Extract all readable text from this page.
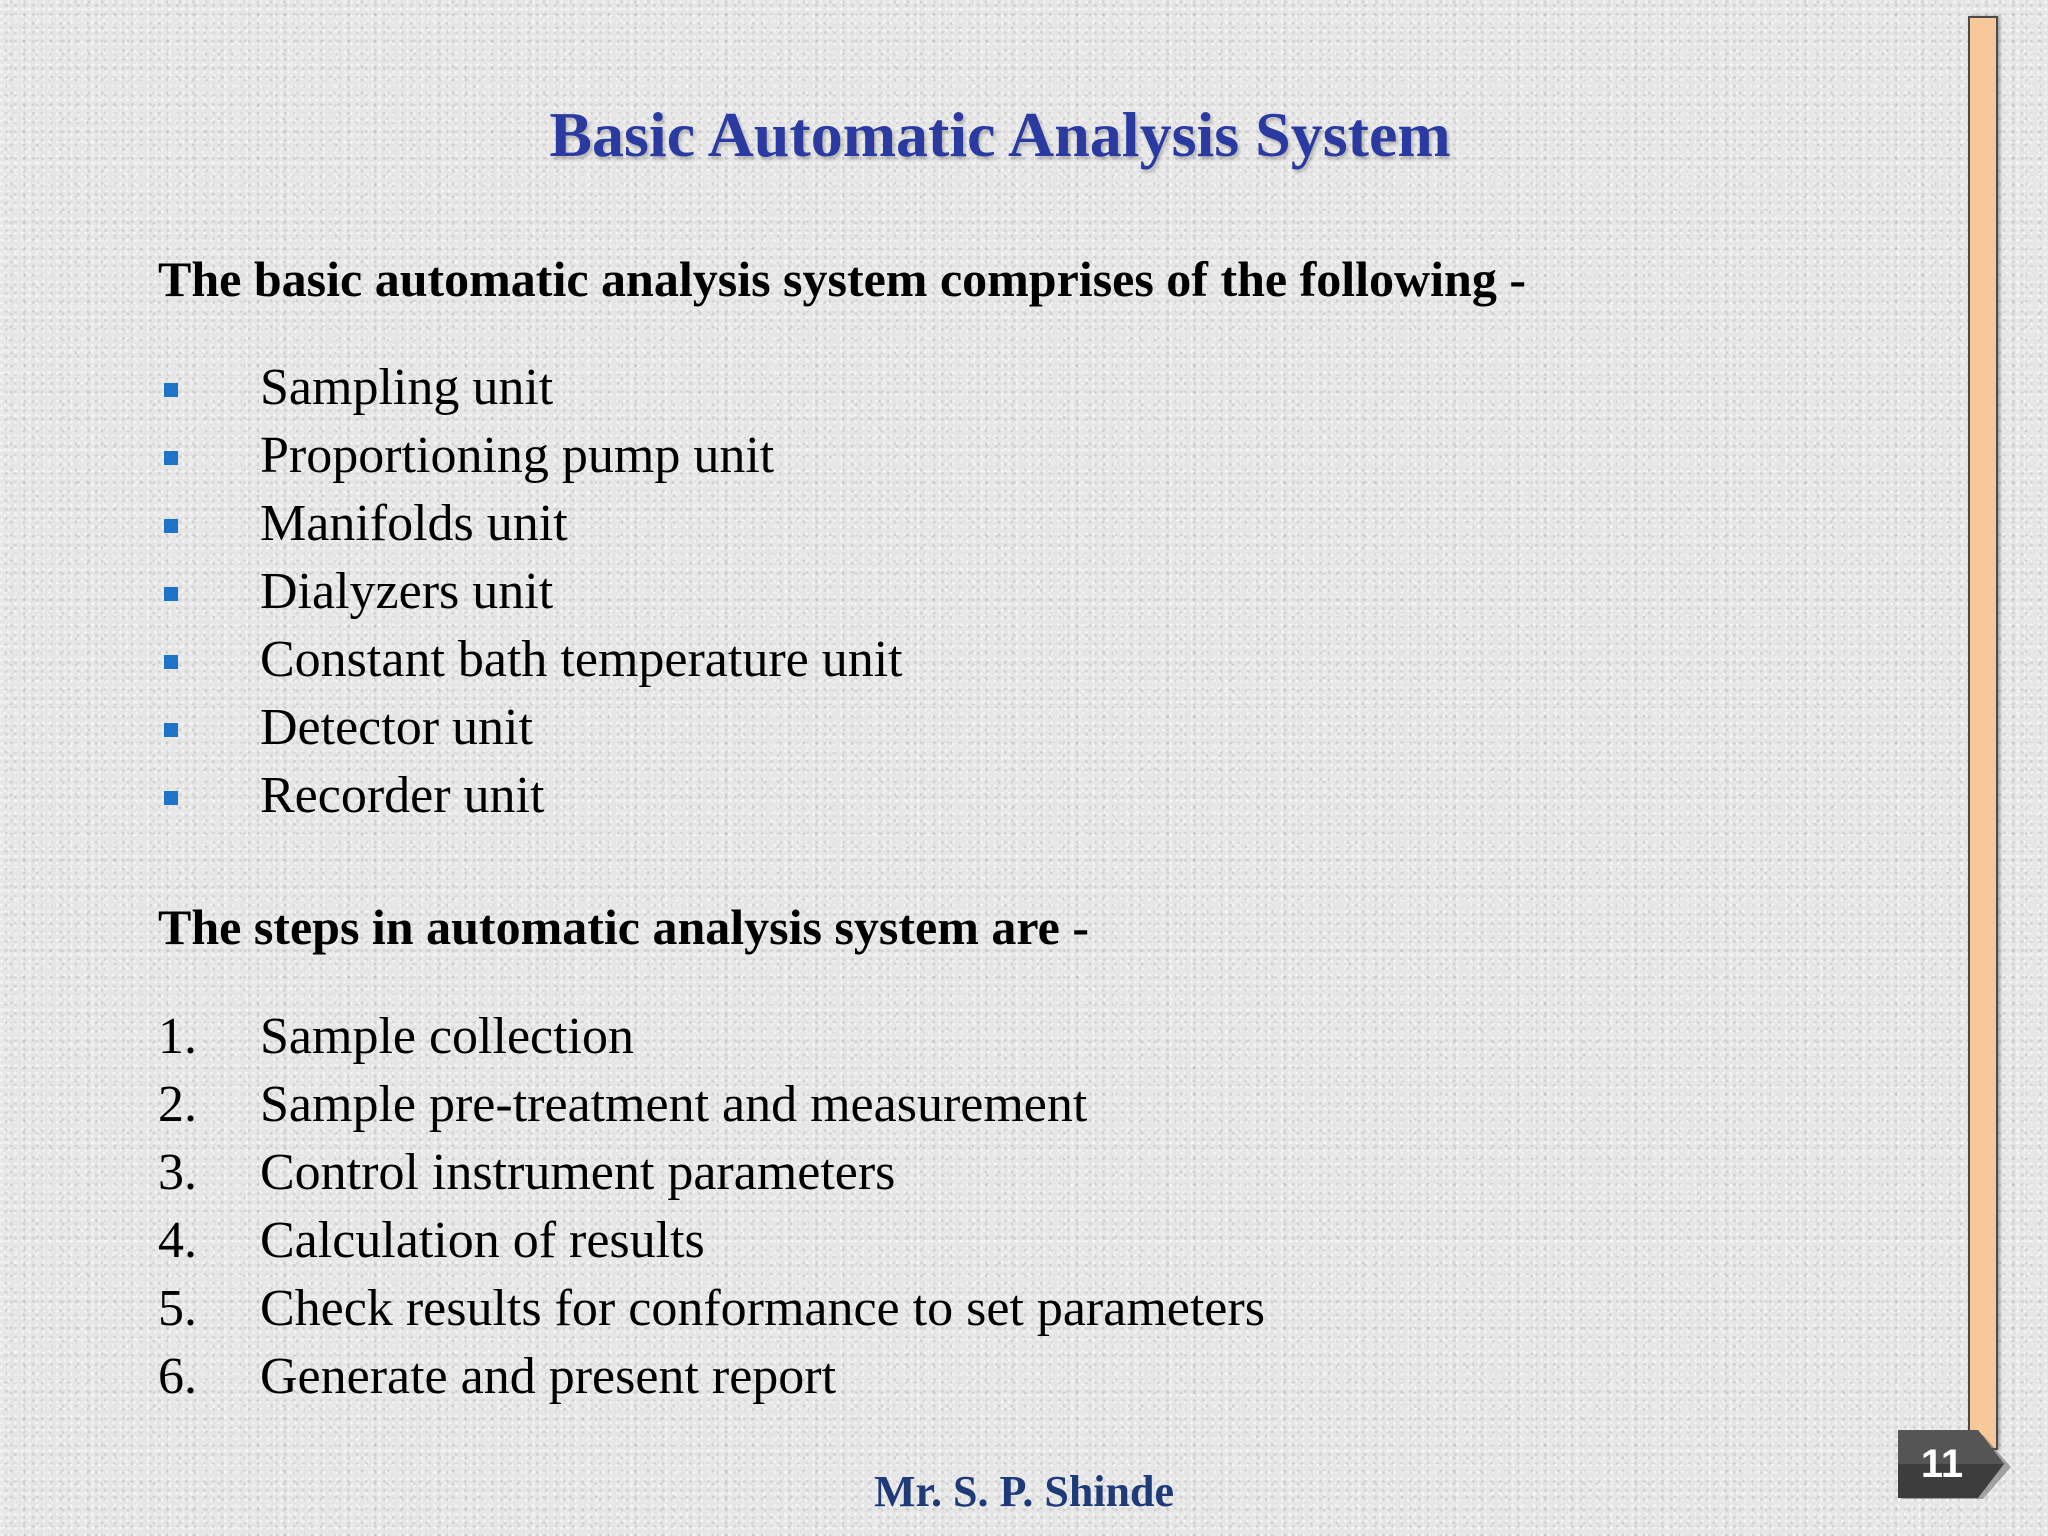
Basic Automatic Analysis System

The basic automatic analysis system comprises of the following -

Sampling unit
Proportioning pump unit
Manifolds unit
Dialyzers unit
Constant bath temperature unit
Detector unit
Recorder unit

The steps in automatic analysis system are -

1.	Sample collection
2.	Sample pre-treatment and measurement
3.	Control instrument parameters
4.	Calculation of results
5.	Check results for conformance to set parameters
6.	Generate and present report
11

Mr. S. P. Shinde
